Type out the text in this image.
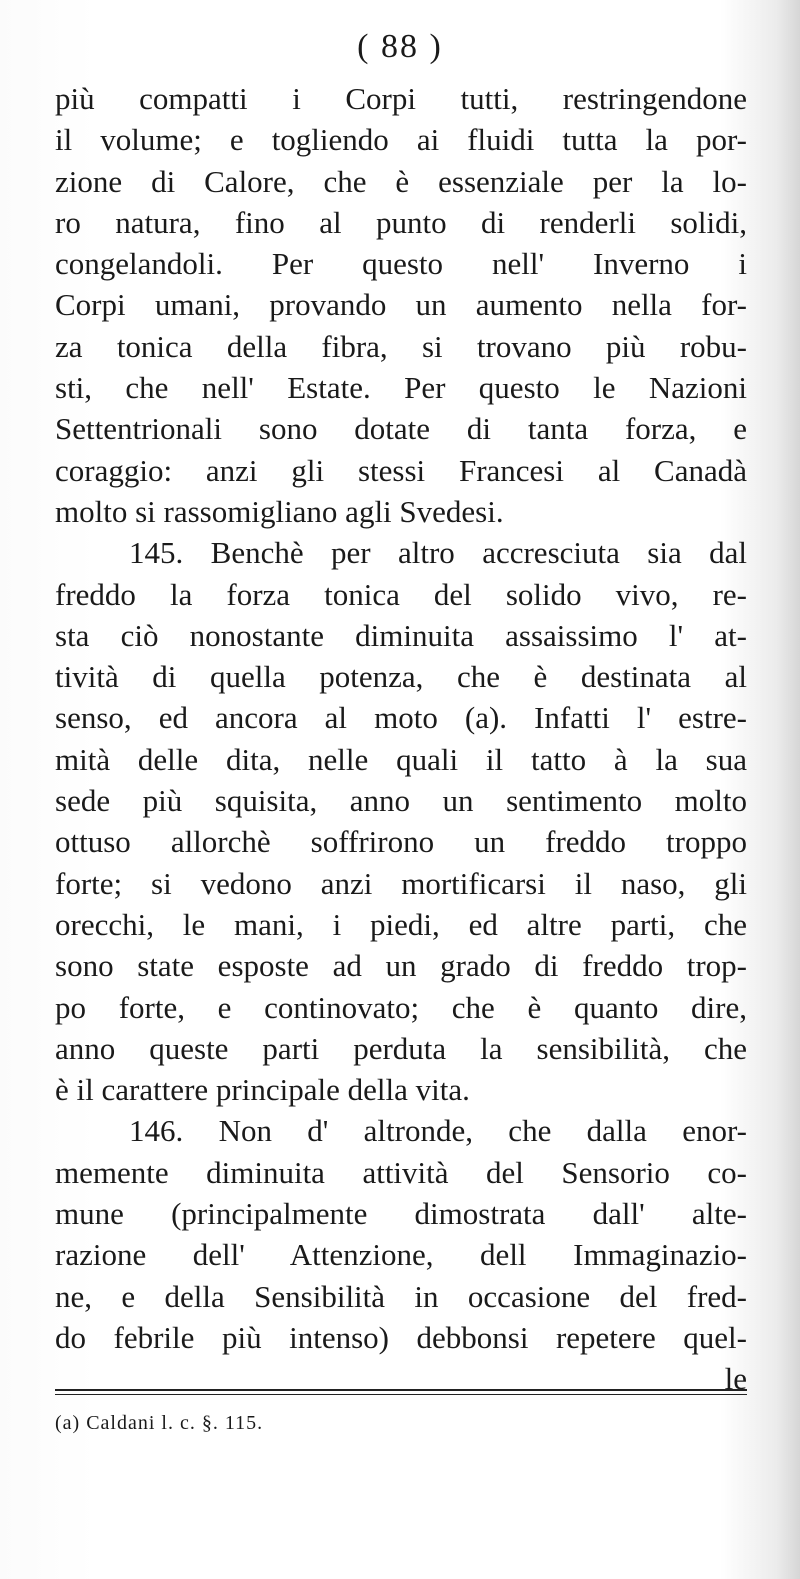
( 88 )
più compatti i Corpi tutti, restringendone
il volume; e togliendo ai fluidi tutta la por-
zione di Calore, che è essenziale per la lo-
ro natura, fino al punto di renderli solidi,
congelandoli. Per questo nell' Inverno i
Corpi umani, provando un aumento nella for-
za tonica della fibra, si trovano più robu-
sti, che nell' Estate. Per questo le Nazioni
Settentrionali sono dotate di tanta forza, e
coraggio: anzi gli stessi Francesi al Canadà
molto si rassomigliano agli Svedesi.
145. Benchè per altro accresciuta sia dal
freddo la forza tonica del solido vivo, re-
sta ciò nonostante diminuita assaissimo l' at-
tività di quella potenza, che è destinata al
senso, ed ancora al moto (a). Infatti l' estre-
mità delle dita, nelle quali il tatto à la sua
sede più squisita, anno un sentimento molto
ottuso allorchè soffrirono un freddo troppo
forte; si vedono anzi mortificarsi il naso, gli
orecchi, le mani, i piedi, ed altre parti, che
sono state esposte ad un grado di freddo trop-
po forte, e continovato; che è quanto dire,
anno queste parti perduta la sensibilità, che
è il carattere principale della vita.
146. Non d' altronde, che dalla enor-
memente diminuita attività del Sensorio co-
mune (principalmente dimostrata dall' alte-
razione dell' Attenzione, dell Immaginazio-
ne, e della Sensibilità in occasione del fred-
do febrile più intenso) debbonsi repetere quel-
le
(a) Caldani l. c. §. 115.
